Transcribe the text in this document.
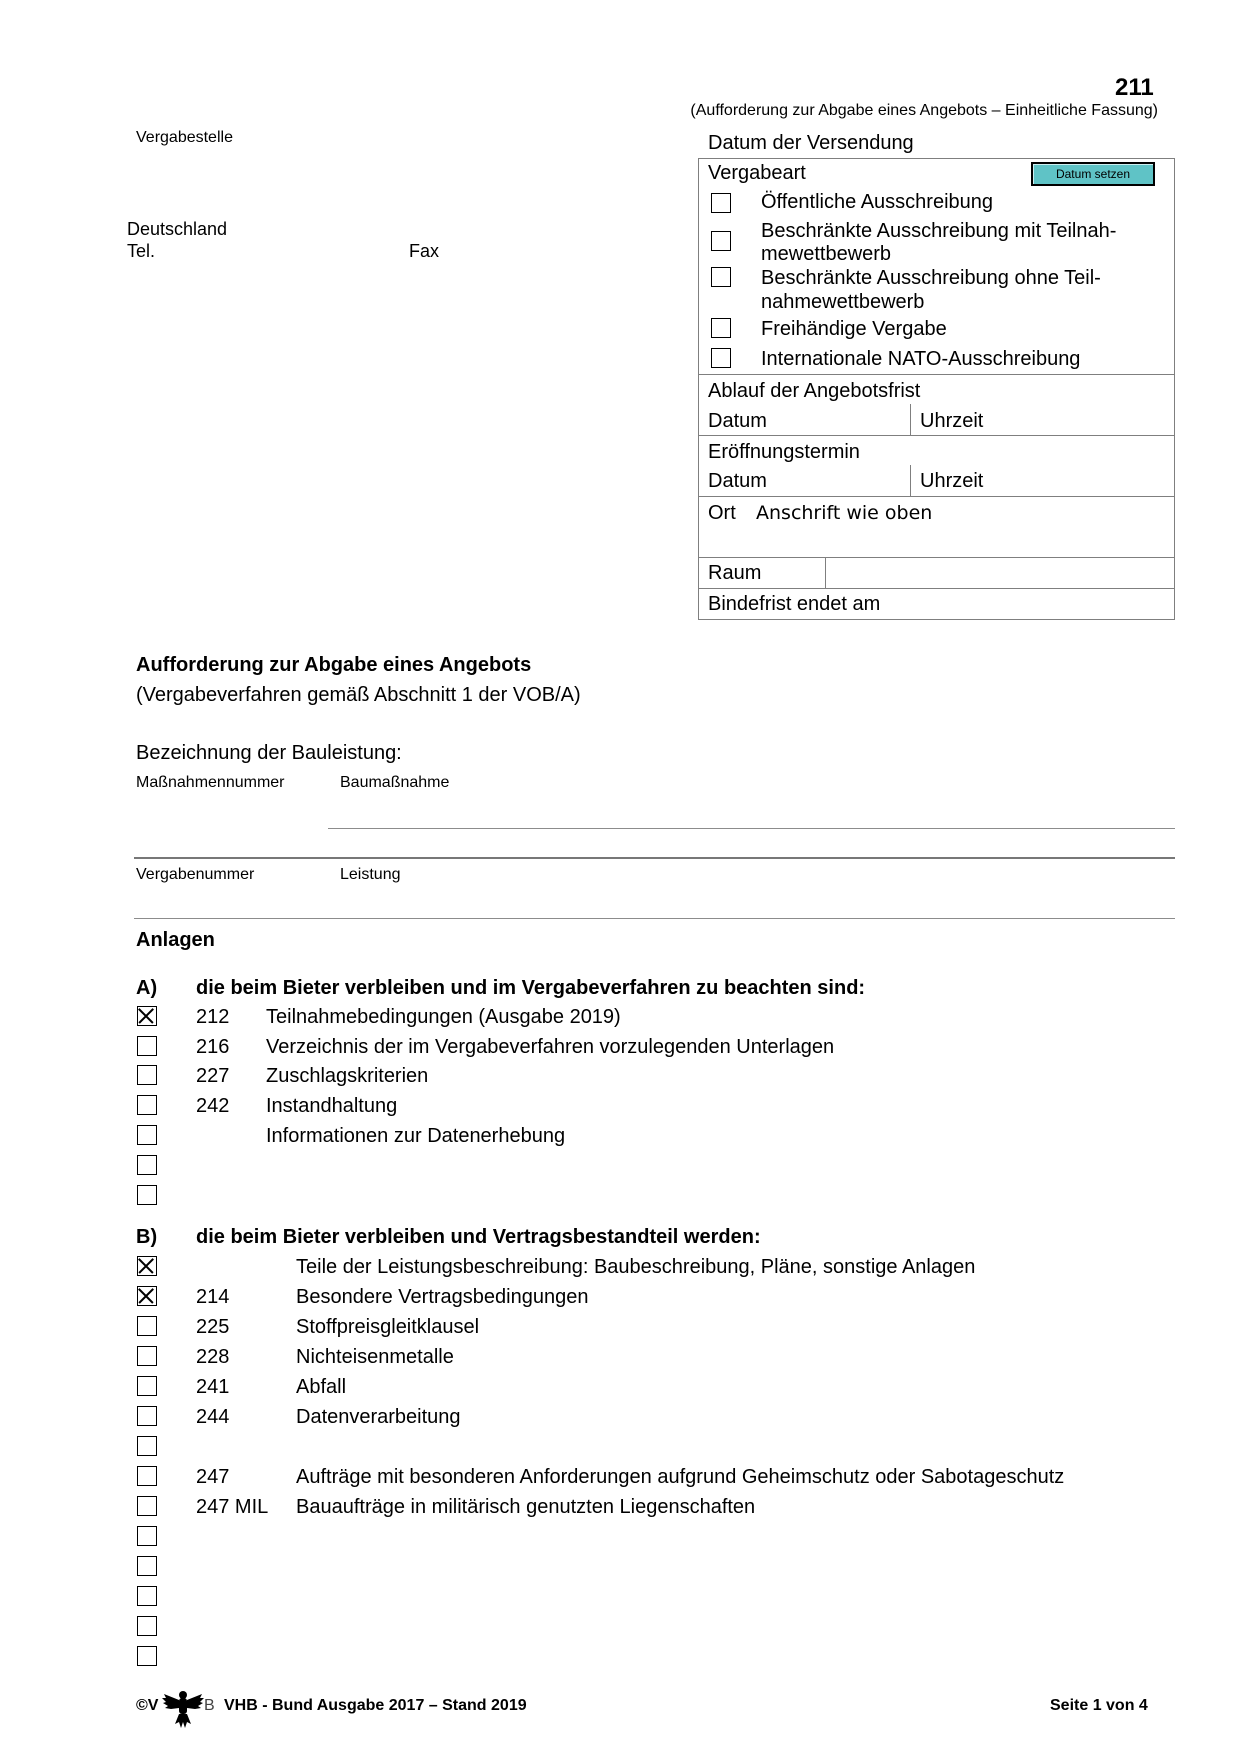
211
(Aufforderung zur Abgabe eines Angebots – Einheitliche Fassung)
Vergabestelle
Deutschland
Tel.	Fax
Datum der Versendung
Vergabeart	Datum setzen
Öffentliche Ausschreibung
Beschränkte Ausschreibung mit Teilnah-
mewettbewerb
Beschränkte Ausschreibung ohne Teil-
nahmewettbewerb
Freihändige Vergabe
Internationale NATO-Ausschreibung
Ablauf der Angebotsfrist
Datum	Uhrzeit
Eröffnungstermin
Datum	Uhrzeit
Ort Anschrift wie oben
Raum
Bindefrist endet am
Aufforderung zur Abgabe eines Angebots
(Vergabeverfahren gemäß Abschnitt 1 der VOB/A)
Bezeichnung der Bauleistung:
Maßnahmennummer	Baumaßnahme
Vergabenummer	Leistung
Anlagen
A) die beim Bieter verbleiben und im Vergabeverfahren zu beachten sind:
212 Teilnahmebedingungen (Ausgabe 2019)
216 Verzeichnis der im Vergabeverfahren vorzulegenden Unterlagen
227 Zuschlagskriterien
242 Instandhaltung
Informationen zur Datenerhebung
B) die beim Bieter verbleiben und Vertragsbestandteil werden:
Teile der Leistungsbeschreibung: Baubeschreibung, Pläne, sonstige Anlagen
214	Besondere Vertragsbedingungen
225	Stoffpreisgleitklausel
228	Nichteisenmetalle
241	Abfall
244	Datenverarbeitung
247	Aufträge mit besonderen Anforderungen aufgrund Geheimschutz oder Sabotageschutz
247 MIL Bauaufträge in militärisch genutzten Liegenschaften
©V	B VHB - Bund Ausgabe 2017 – Stand 2019	Seite 1 von 4
